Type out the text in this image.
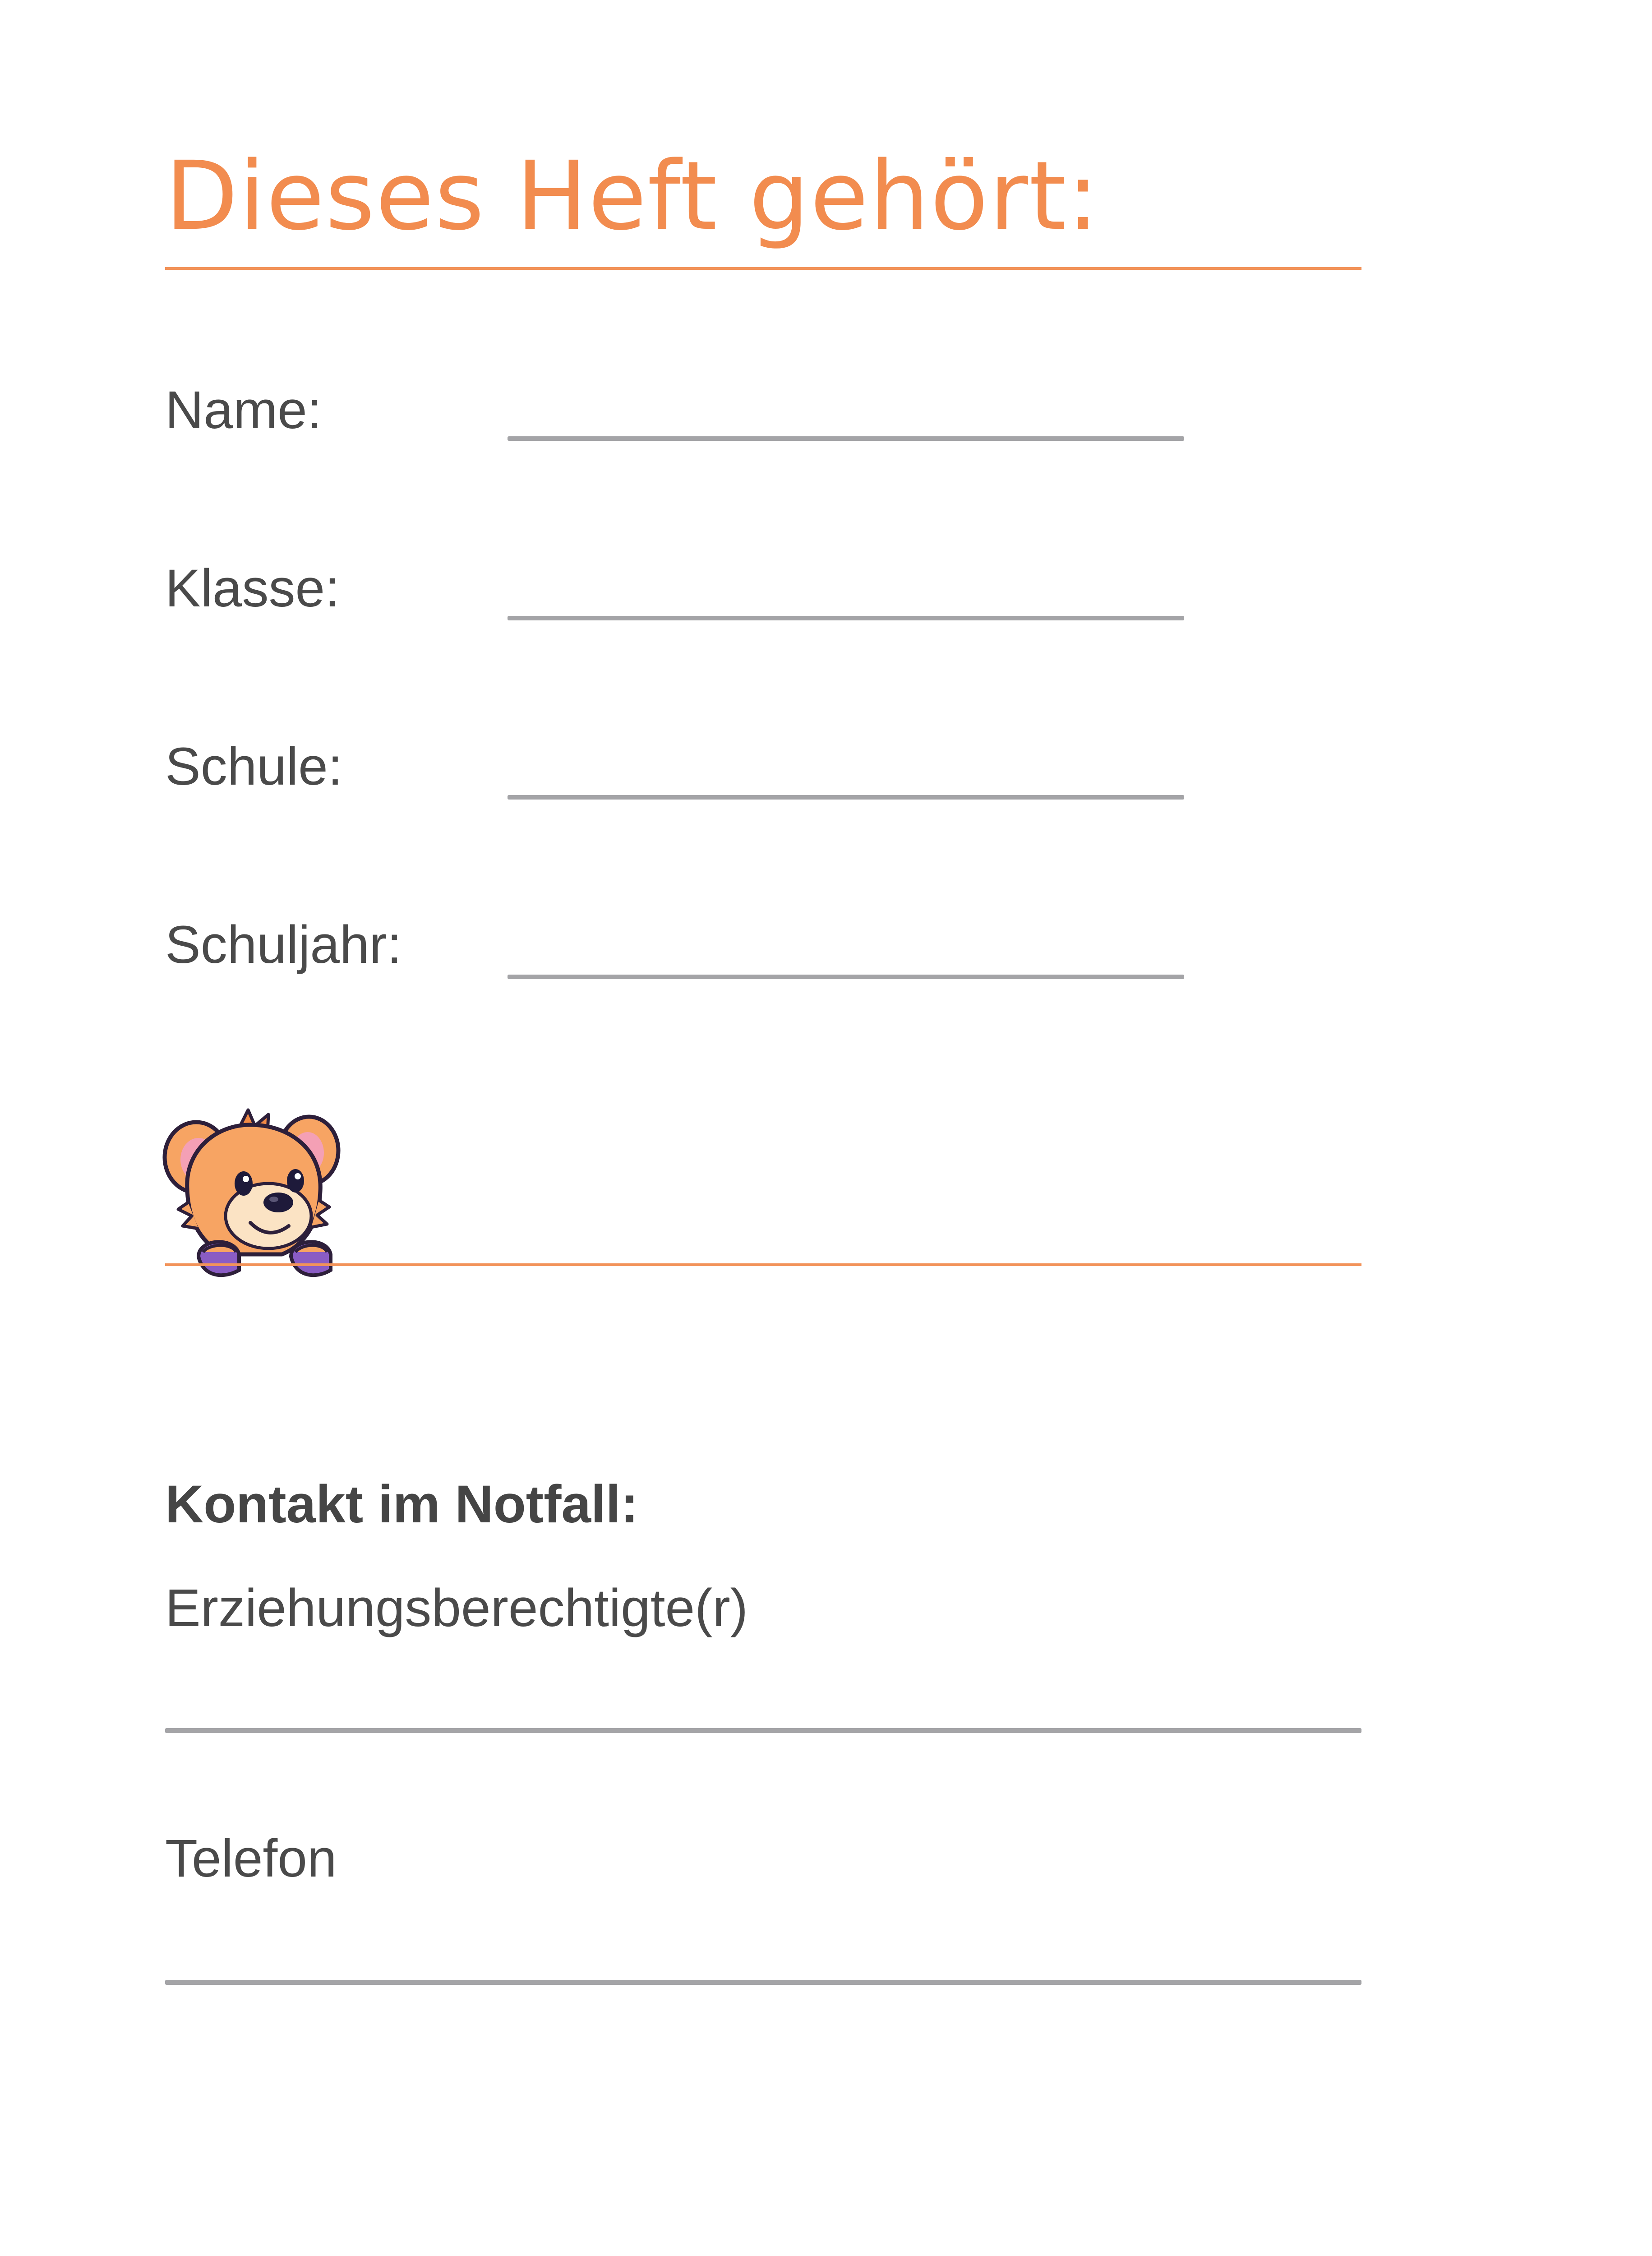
Dieses Heft gehört:
Name:
Klasse:
Schule:
Schuljahr:
Kontakt im Notfall:
Erziehungsberechtigte(r)
Telefon
